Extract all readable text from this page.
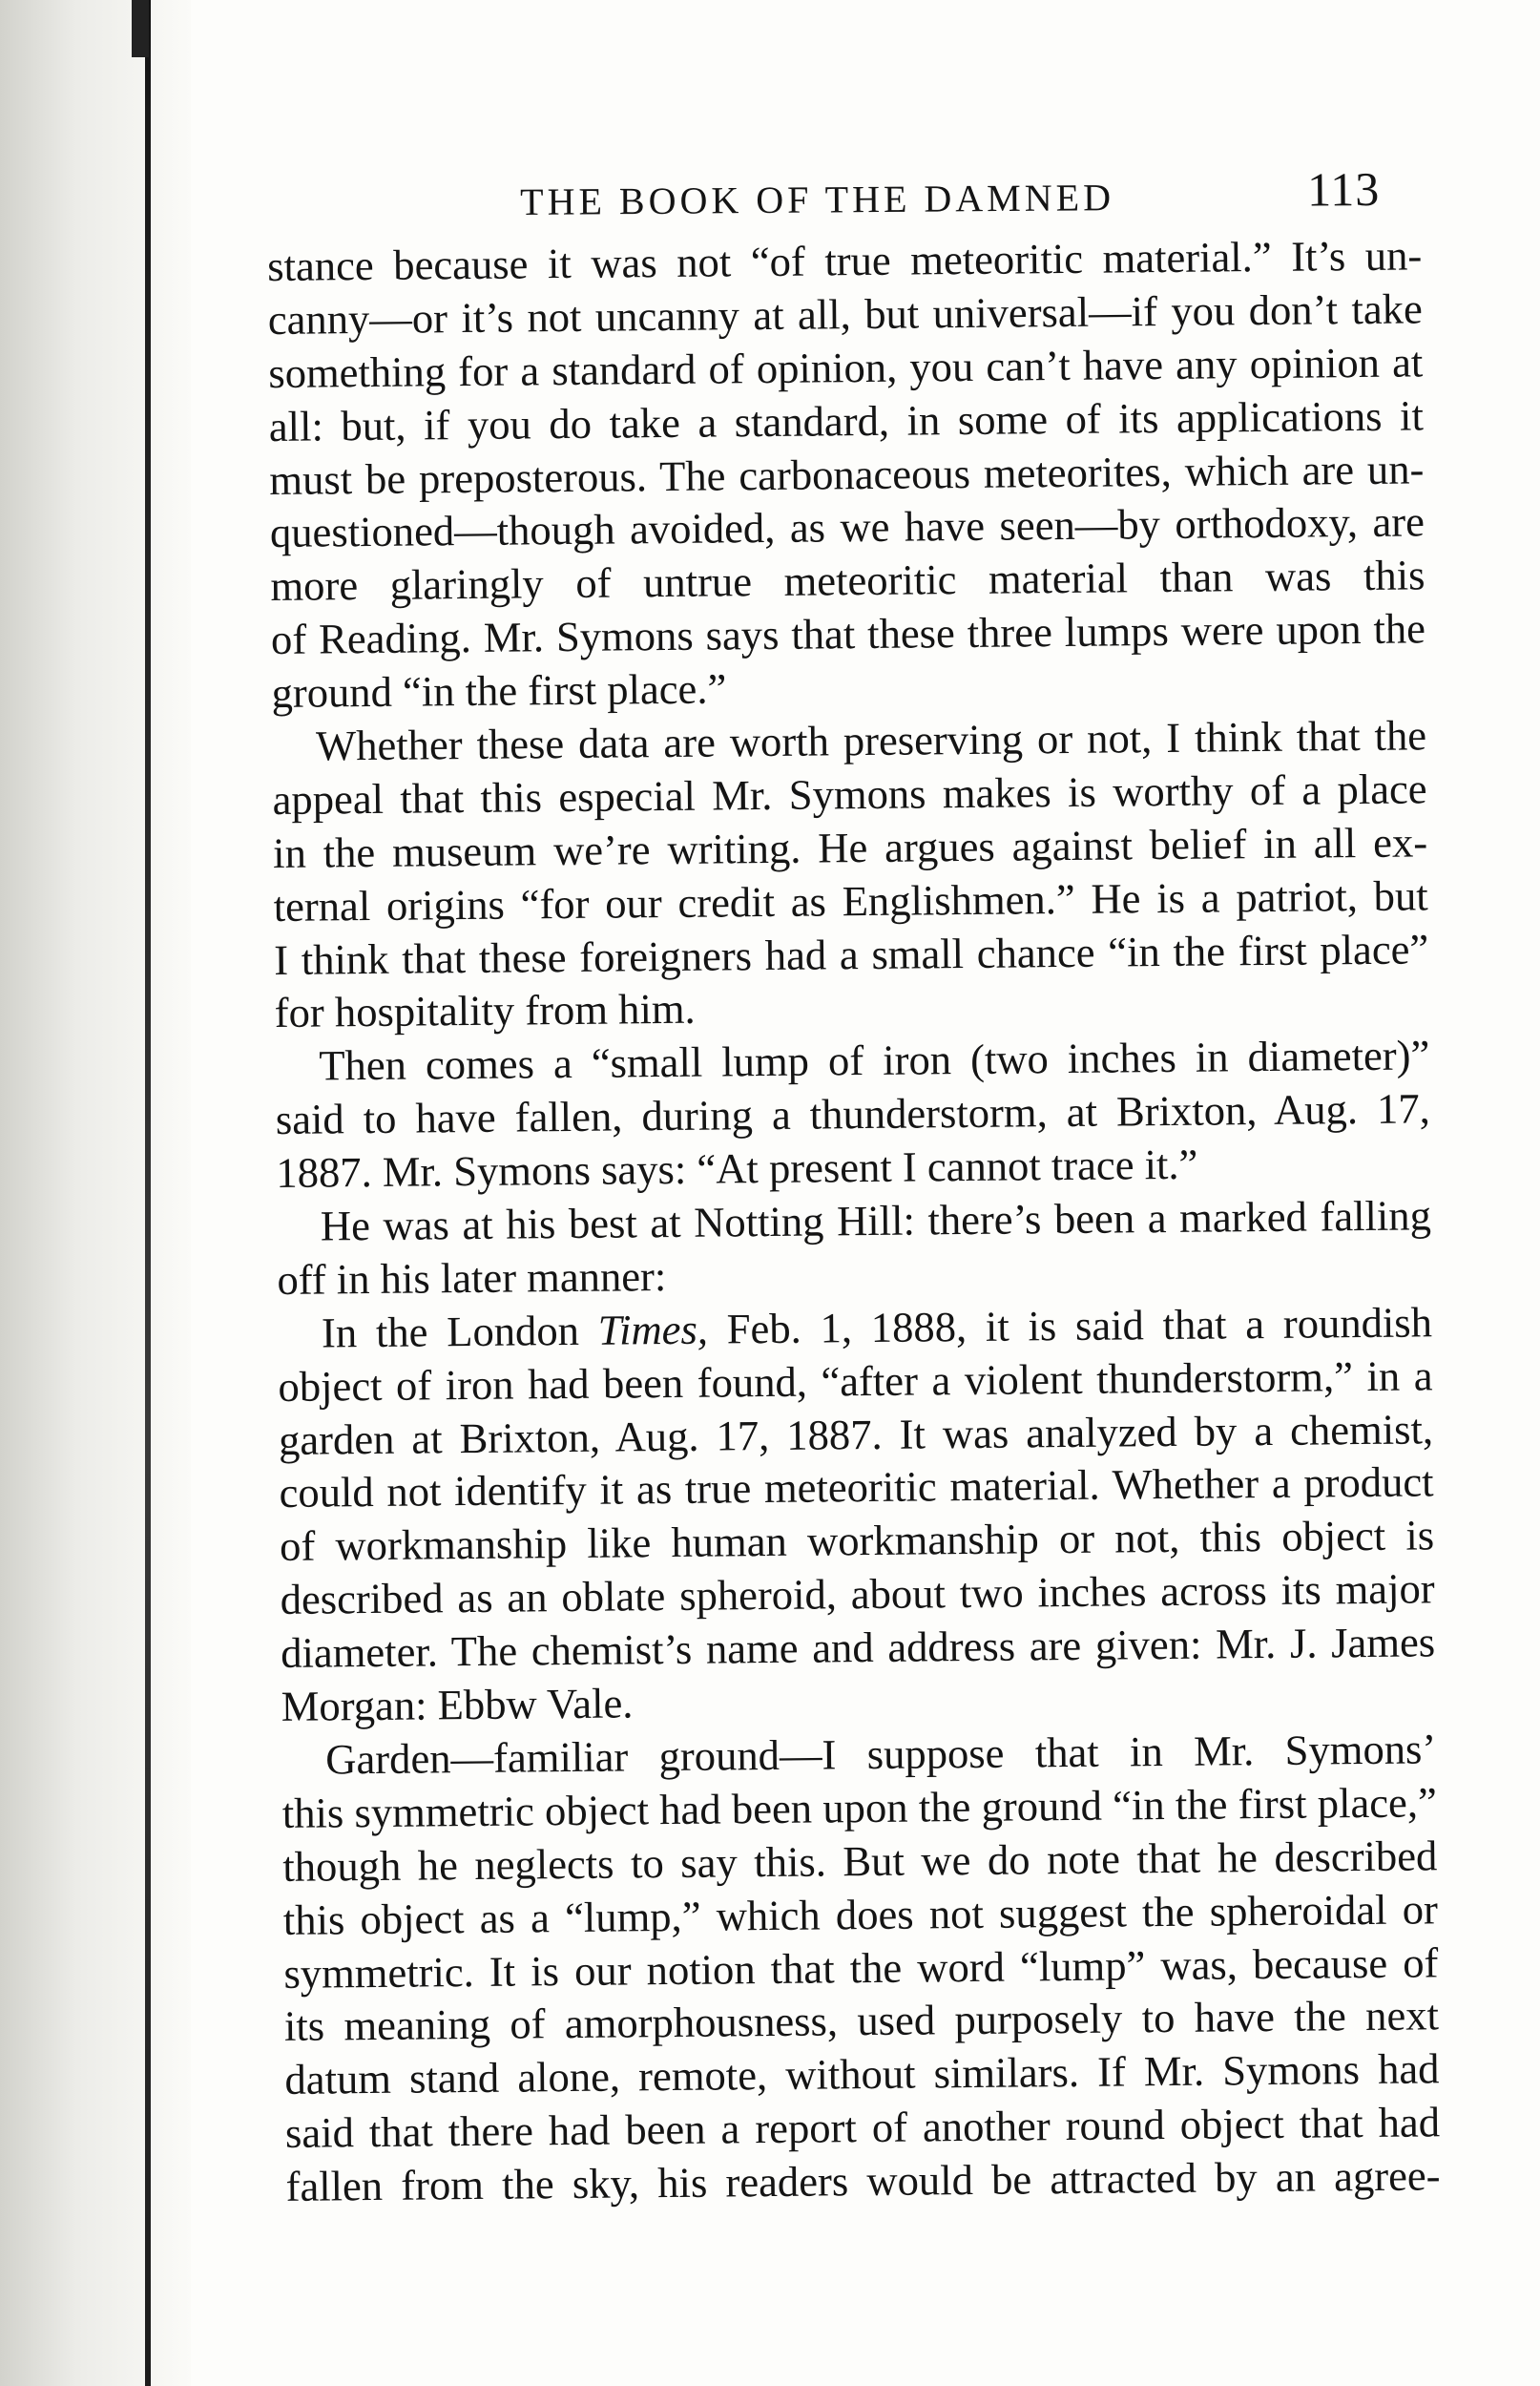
THE BOOK OF THE DAMNED	113
stance because it was not “of true meteoritic material.” It’s un-
canny—or it’s not uncanny at all, but universal—if you don’t take
something for a standard of opinion, you can’t have any opinion at
all: but, if you do take a standard, in some of its applications it
must be preposterous. The carbonaceous meteorites, which are un-
questioned—though avoided, as we have seen—by orthodoxy, are
more glaringly of untrue meteoritic material than was this
of Reading. Mr. Symons says that these three lumps were upon the
ground “in the first place.”
Whether these data are worth preserving or not, I think that the
appeal that this especial Mr. Symons makes is worthy of a place
in the museum we’re writing. He argues against belief in all ex-
ternal origins “for our credit as Englishmen.” He is a patriot, but
I think that these foreigners had a small chance “in the first place”
for hospitality from him.
Then comes a “small lump of iron (two inches in diameter)”
said to have fallen, during a thunderstorm, at Brixton, Aug. 17,
1887. Mr. Symons says: “At present I cannot trace it.”
He was at his best at Notting Hill: there’s been a marked falling
off in his later manner:
In the London Times, Feb. 1, 1888, it is said that a roundish
object of iron had been found, “after a violent thunderstorm,” in a
garden at Brixton, Aug. 17, 1887. It was analyzed by a chemist,
could not identify it as true meteoritic material. Whether a product
of workmanship like human workmanship or not, this object is
described as an oblate spheroid, about two inches across its major
diameter. The chemist’s name and address are given: Mr. J. James
Morgan: Ebbw Vale.
Garden—familiar ground—I suppose that in Mr. Symons’
this symmetric object had been upon the ground “in the first place,”
though he neglects to say this. But we do note that he described
this object as a “lump,” which does not suggest the spheroidal or
symmetric. It is our notion that the word “lump” was, because of
its meaning of amorphousness, used purposely to have the next
datum stand alone, remote, without similars. If Mr. Symons had
said that there had been a report of another round object that had
fallen from the sky, his readers would be attracted by an agree-
